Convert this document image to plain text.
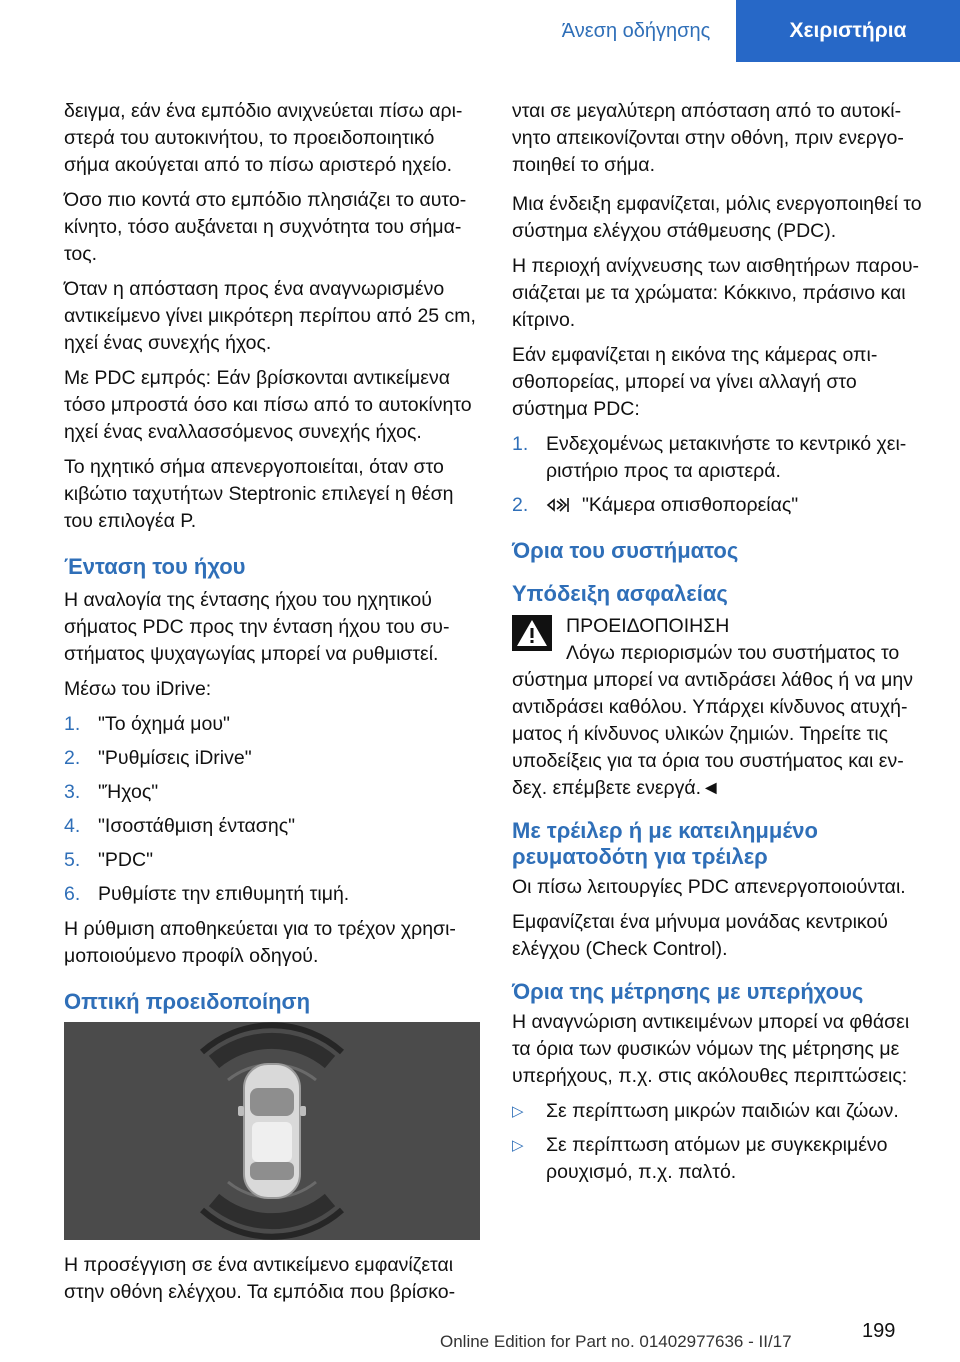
Άνεση οδήγησης	Χειριστήρια

δειγμα, εάν ένα εμπόδιο ανιχνεύεται πίσω αρι-στερά του αυτοκινήτου, το προειδοποιητικό σήμα ακούγεται από το πίσω αριστερό ηχείο.

Όσο πιο κοντά στο εμπόδιο πλησιάζει το αυτο-κίνητο, τόσο αυξάνεται η συχνότητα του σήμα-τος.

Όταν η απόσταση προς ένα αναγνωρισμένο αντικείμενο γίνει μικρότερη περίπου από 25 cm, ηχεί ένας συνεχής ήχος.

Με PDC εμπρός: Εάν βρίσκονται αντικείμενα τόσο μπροστά όσο και πίσω από το αυτοκίνητο ηχεί ένας εναλλασσόμενος συνεχής ήχος.

Το ηχητικό σήμα απενεργοποιείται, όταν στο κιβώτιο ταχυτήτων Steptronic επιλεγεί η θέση του επιλογέα P.

Ένταση του ήχου

Η αναλογία της έντασης ήχου του ηχητικού σήματος PDC προς την ένταση ήχου του συ-στήματος ψυχαγωγίας μπορεί να ρυθμιστεί.

Μέσω του iDrive:

1. "Το όχημά μου"
2. "Ρυθμίσεις iDrive"
3. "Ήχος"
4. "Ισοστάθμιση έντασης"
5. "PDC"
6. Ρυθμίστε την επιθυμητή τιμή.

Η ρύθμιση αποθηκεύεται για το τρέχον χρησι-μοποιούμενο προφίλ οδηγού.

Οπτική προειδοποίηση

Η προσέγγιση σε ένα αντικείμενο εμφανίζεται στην οθόνη ελέγχου. Τα εμπόδια που βρίσκο-

νται σε μεγαλύτερη απόσταση από το αυτοκί-νητο απεικονίζονται στην οθόνη, πριν ενεργο-ποιηθεί το σήμα.

Μια ένδειξη εμφανίζεται, μόλις ενεργοποιηθεί το σύστημα ελέγχου στάθμευσης (PDC).

Η περιοχή ανίχνευσης των αισθητήρων παρου-σιάζεται με τα χρώματα: Κόκκινο, πράσινο και κίτρινο.

Εάν εμφανίζεται η εικόνα της κάμερας οπι-σθοπορείας, μπορεί να γίνει αλλαγή στο σύστημα PDC:

1. Ενδεχομένως μετακινήστε το κεντρικό χει-ριστήριο προς τα αριστερά.
2.	"Κάμερα οπισθοπορείας"
Όρια του συστήματος
Υπόδειξη ασφαλείας
ΠΡΟΕΙΔΟΠΟΙΗΣΗ
Λόγω περιορισμών του συστήματος το σύστημα μπορεί να αντιδράσει λάθος ή να μην αντιδράσει καθόλου. Υπάρχει κίνδυνος ατυχή-ματος ή κίνδυνος υλικών ζημιών. Τηρείτε τις υποδείξεις για τα όρια του συστήματος και εν-δεχ. επέμβετε ενεργά.◄
Με τρέιλερ ή με κατειλημμένο ρευματοδότη για τρέιλερ

Οι πίσω λειτουργίες PDC απενεργοποιούνται.

Εμφανίζεται ένα μήνυμα μονάδας κεντρικού ελέγχου (Check Control).

Όρια της μέτρησης με υπερήχους

Η αναγνώριση αντικειμένων μπορεί να φθάσει τα όρια των φυσικών νόμων της μέτρησης με υπερήχους, π.χ. στις ακόλουθες περιπτώσεις:

▷ Σε περίπτωση μικρών παιδιών και ζώων.
▷ Σε περίπτωση ατόμων με συγκεκριμένο ρουχισμό, π.χ. παλτό.
199
Online Edition for Part no. 01402977636 - II/17
